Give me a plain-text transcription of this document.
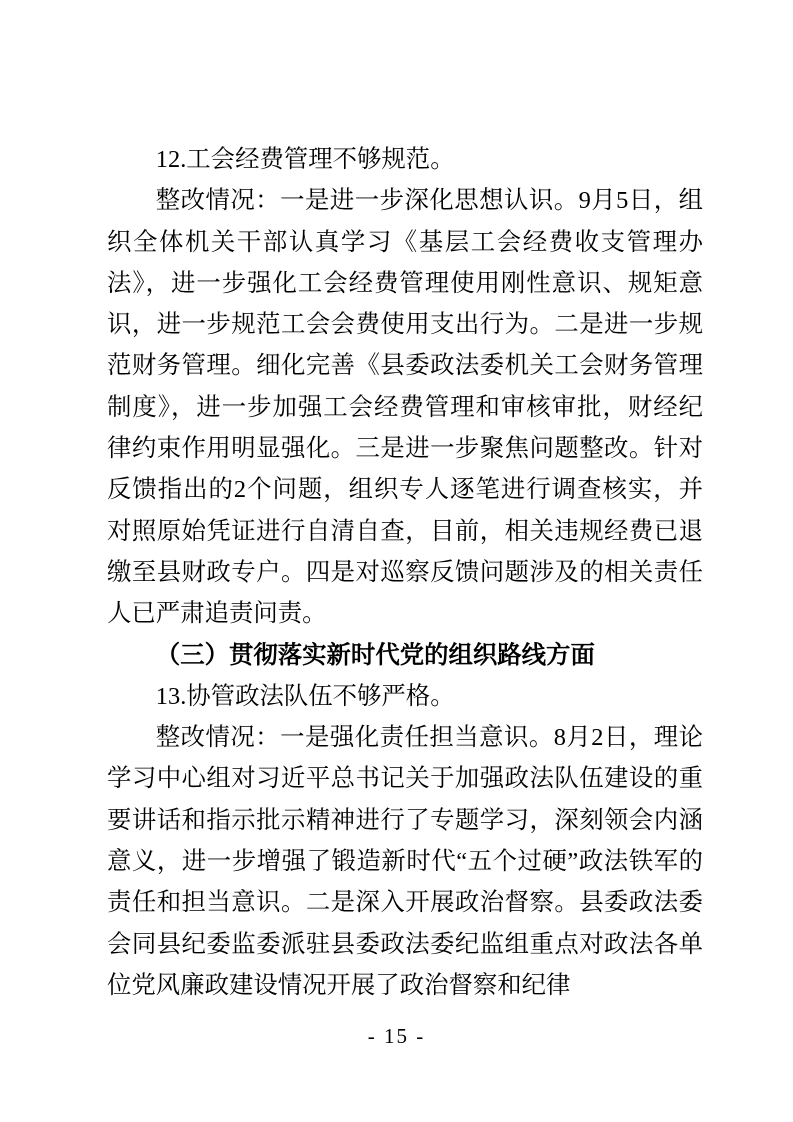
12.工会经费管理不够规范。

整改情况：一是进一步深化思想认识。9月5日，组织全体机关干部认真学习《基层工会经费收支管理办法》，进一步强化工会经费管理使用刚性意识、规矩意识，进一步规范工会会费使用支出行为。二是进一步规范财务管理。细化完善《县委政法委机关工会财务管理制度》，进一步加强工会经费管理和审核审批，财经纪律约束作用明显强化。三是进一步聚焦问题整改。针对反馈指出的2个问题，组织专人逐笔进行调查核实，并对照原始凭证进行自清自查，目前，相关违规经费已退缴至县财政专户。四是对巡察反馈问题涉及的相关责任人已严肃追责问责。

（三）贯彻落实新时代党的组织路线方面

13.协管政法队伍不够严格。

整改情况：一是强化责任担当意识。8月2日，理论学习中心组对习近平总书记关于加强政法队伍建设的重要讲话和指示批示精神进行了专题学习，深刻领会内涵意义，进一步增强了锻造新时代“五个过硬”政法铁军的责任和担当意识。二是深入开展政治督察。县委政法委会同县纪委监委派驻县委政法委纪监组重点对政法各单位党风廉政建设情况开展了政治督察和纪律

- 15 -
